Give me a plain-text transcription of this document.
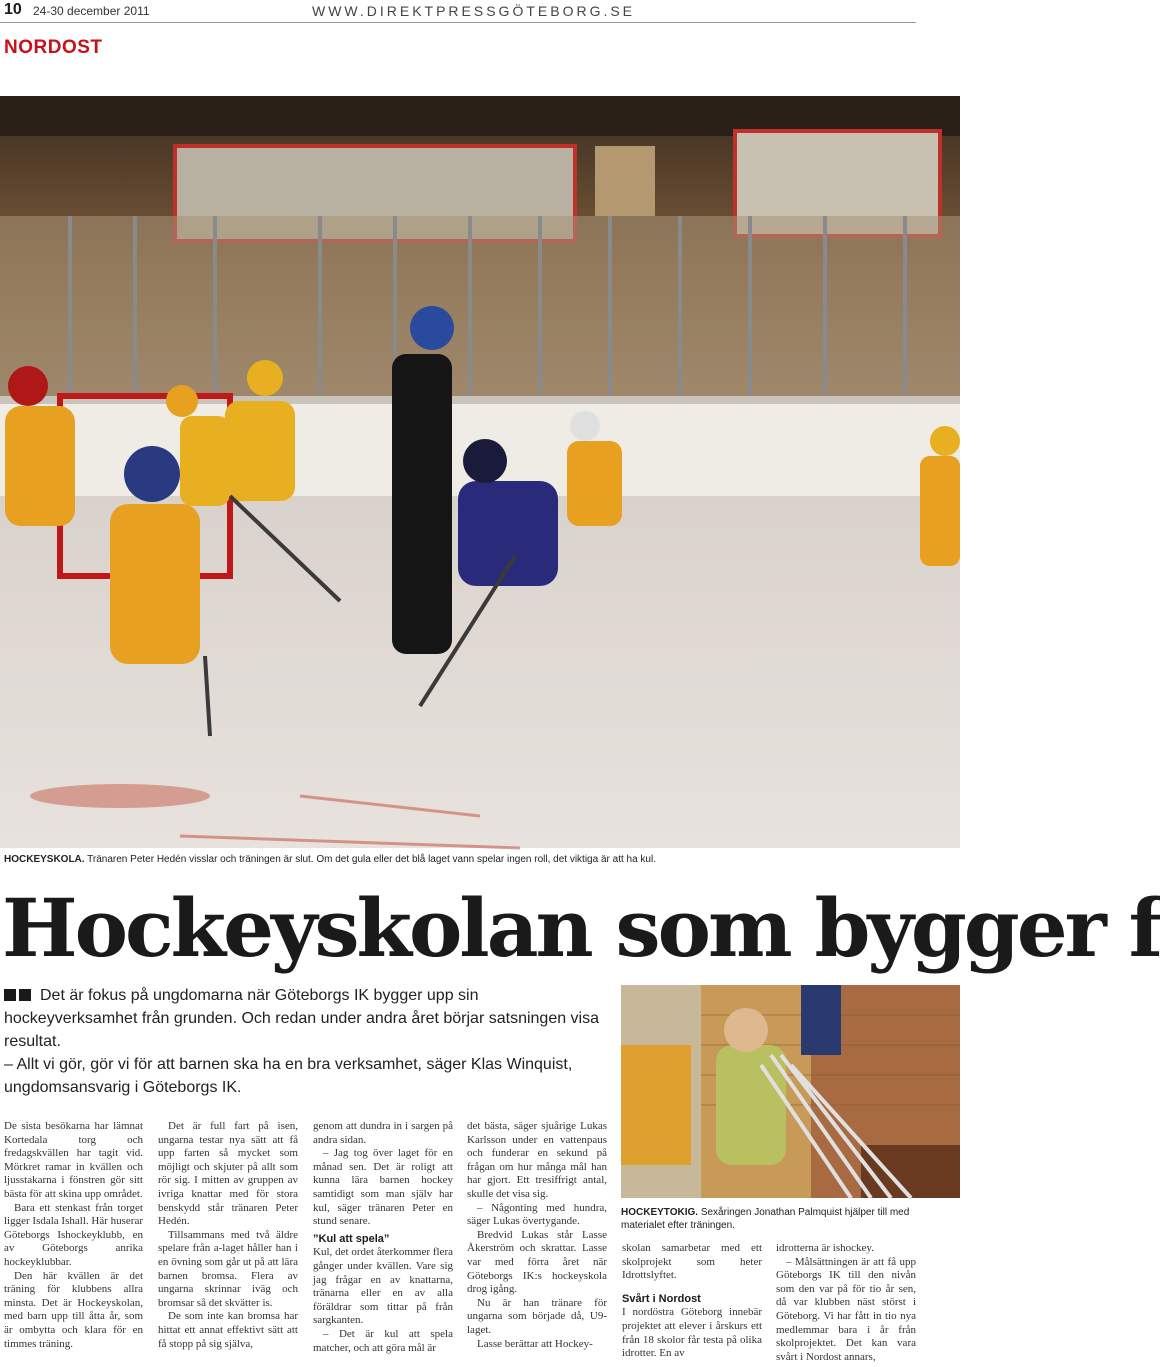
10 24-30 december 2011	WWW.DIREKTPRESSGÖTEBORG.SE
NORDOST
HOCKEYSKOLA. Tränaren Peter Hedén visslar och träningen är slut. Om det gula eller det blå laget vann spelar ingen roll, det viktiga är att ha kul.
Hockeyskolan som bygger f

Det är fokus på ungdomarna när Göteborgs IK bygger upp sin hockeyverksamhet från grunden. Och redan under andra året börjar satsningen visa resultat.

– Allt vi gör, gör vi för att barnen ska ha en bra verksamhet, säger Klas Winquist, ungdomsansvarig i Göteborgs IK.

HOCKEYTOKIG. Sexåringen Jonathan Palmquist hjälper till med materialet efter träningen.

De sista besökarna har lämnat Kortedala torg och fredagskvällen har tagit vid. Mörkret ramar in kvällen och ljusstakarna i fönstren gör sitt bästa för att skina upp området.

Bara ett stenkast från torget ligger Isdala Ishall. Här huserar Göteborgs Ishockeyklubb, en av Göteborgs anrika hockeyklubbar.

Den här kvällen är det träning för klubbens allra minsta. Det är Hockeyskolan, med barn upp till åtta år, som är ombytta och klara för en timmes träning.

Det är full fart på isen, ungarna testar nya sätt att få upp farten så mycket som möjligt och skjuter på allt som rör sig. I mitten av gruppen av ivriga knattar med för stora benskydd står tränaren Peter Hedén.

Tillsammans med två äldre spelare från a-laget håller han i en övning som går ut på att lära barnen bromsa. Flera av ungarna skrinnar iväg och bromsar så det skvätter is.

De som inte kan bromsa har hittat ett annat effektivt sätt att få stopp på sig själva,

genom att dundra in i sargen på andra sidan.

– Jag tog över laget för en månad sen. Det är roligt att kunna lära barnen hockey samtidigt som man själv har kul, säger tränaren Peter en stund senare.

”Kul att spela”

Kul, det ordet återkommer flera gånger under kvällen. Vare sig jag frågar en av knattarna, tränarna eller en av alla föräldrar som tittar på från sargkanten.

– Det är kul att spela matcher, och att göra mål är

det bästa, säger sjuårige Lukas Karlsson under en vattenpaus och funderar en sekund på frågan om hur många mål han har gjort. Ett tresiffrigt antal, skulle det visa sig.

– Någonting med hundra, säger Lukas övertygande.

Bredvid Lukas står Lasse Åkerström och skrattar. Lasse var med förra året när Göteborgs IK:s hockeyskola drog igång.

Nu är han tränare för ungarna som började då, U9-laget.

Lasse berättar att Hockey-

skolan samarbetar med ett skolprojekt som heter Idrottslyftet.

Svårt i Nordost

I nordöstra Göteborg innebär projektet att elever i årskurs ett från 18 skolor får testa på olika idrotter. En av

idrotterna är ishockey.

– Målsättningen är att få upp Göteborgs IK till den nivån som den var på för tio år sen, då var klubben näst störst i Göteborg. Vi har fått in tio nya medlemmar bara i år från skolprojektet. Det kan vara svårt i Nordost annars,
